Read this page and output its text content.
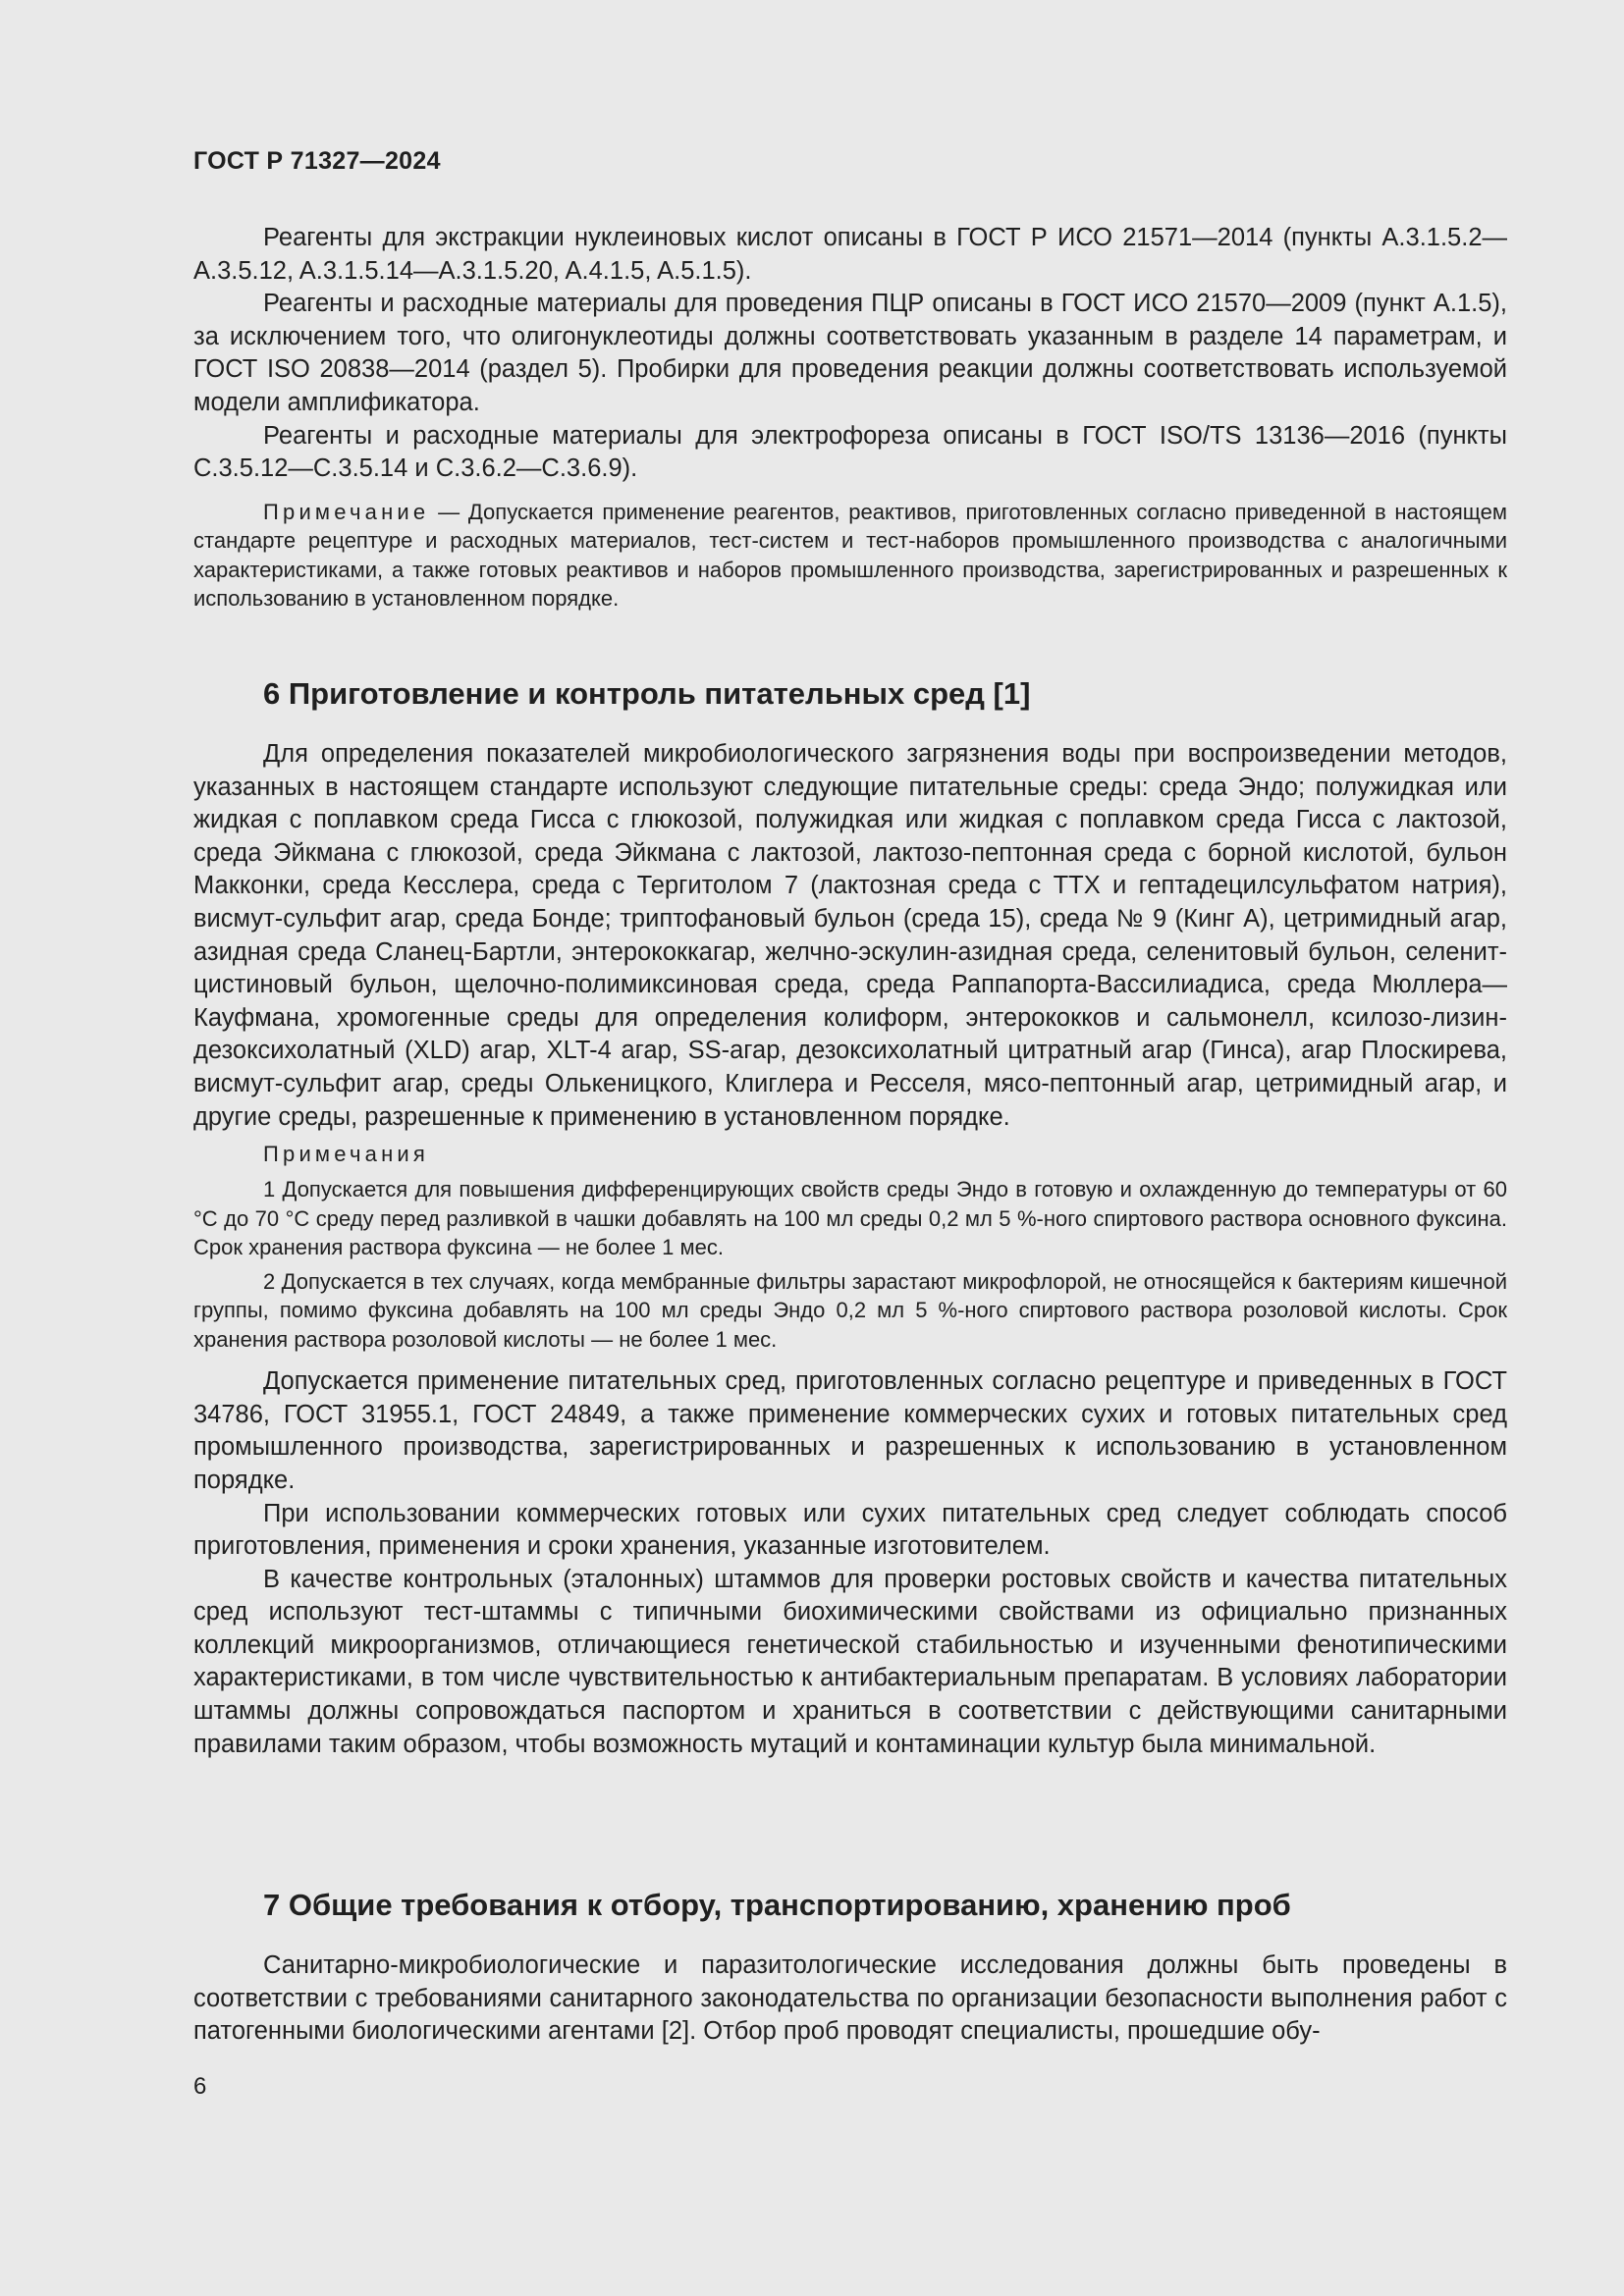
ГОСТ Р 71327—2024

Реагенты для экстракции нуклеиновых кислот описаны в ГОСТ Р ИСО 21571—2014 (пункты A.3.1.5.2—A.3.5.12, A.3.1.5.14—A.3.1.5.20, A.4.1.5, A.5.1.5).

Реагенты и расходные материалы для проведения ПЦР описаны в ГОСТ ИСО 21570—2009 (пункт А.1.5), за исключением того, что олигонуклеотиды должны соответствовать указанным в разделе 14 параметрам, и ГОСТ ISO 20838—2014 (раздел 5). Пробирки для проведения реакции должны соответствовать используемой модели амплификатора.

Реагенты и расходные материалы для электрофореза описаны в ГОСТ ISO/TS 13136—2016 (пункты C.3.5.12—C.3.5.14 и C.3.6.2—C.3.6.9).

Примечание — Допускается применение реагентов, реактивов, приготовленных согласно приведенной в настоящем стандарте рецептуре и расходных материалов, тест-систем и тест-наборов промышленного производства с аналогичными характеристиками, а также готовых реактивов и наборов промышленного производства, зарегистрированных и разрешенных к использованию в установленном порядке.

6 Приготовление и контроль питательных сред [1]

Для определения показателей микробиологического загрязнения воды при воспроизведении методов, указанных в настоящем стандарте используют следующие питательные среды: среда Эндо; полужидкая или жидкая с поплавком среда Гисса с глюкозой, полужидкая или жидкая с поплавком среда Гисса с лактозой, среда Эйкмана с глюкозой, среда Эйкмана с лактозой, лактозо-пептонная среда с борной кислотой, бульон Макконки, среда Кесслера, среда с Тергитолом 7 (лактозная среда с ТТХ и гептадецилсульфатом натрия), висмут-сульфит агар, среда Бонде; триптофановый бульон (среда 15), среда № 9 (Кинг А), цетримидный агар, азидная среда Сланец-Бартли, энтерококкагар, желчно-эскулин-азидная среда, селенитовый бульон, селенит-цистиновый бульон, щелочно-полимиксиновая среда, среда Раппапорта-Вассилиадиса, среда Мюллера—Кауфмана, хромогенные среды для определения колиформ, энтерококков и сальмонелл, ксилозо-лизин-дезоксихолатный (XLD) агар, XLT-4 агар, SS-агар, дезоксихолатный цитратный агар (Гинса), агар Плоскирева, висмут-сульфит агар, среды Олькеницкого, Клиглера и Ресселя, мясо-пептонный агар, цетримидный агар, и другие среды, разрешенные к применению в установленном порядке.

Примечания

1 Допускается для повышения дифференцирующих свойств среды Эндо в готовую и охлажденную до температуры от 60 °С до 70 °С среду перед разливкой в чашки добавлять на 100 мл среды 0,2 мл 5 %-ного спиртового раствора основного фуксина. Срок хранения раствора фуксина — не более 1 мес.

2 Допускается в тех случаях, когда мембранные фильтры зарастают микрофлорой, не относящейся к бактериям кишечной группы, помимо фуксина добавлять на 100 мл среды Эндо 0,2 мл 5 %-ного спиртового раствора розоловой кислоты. Срок хранения раствора розоловой кислоты — не более 1 мес.

Допускается применение питательных сред, приготовленных согласно рецептуре и приведенных в ГОСТ 34786, ГОСТ 31955.1, ГОСТ 24849, а также применение коммерческих сухих и готовых питательных сред промышленного производства, зарегистрированных и разрешенных к использованию в установленном порядке.

При использовании коммерческих готовых или сухих питательных сред следует соблюдать способ приготовления, применения и сроки хранения, указанные изготовителем.

В качестве контрольных (эталонных) штаммов для проверки ростовых свойств и качества питательных сред используют тест-штаммы с типичными биохимическими свойствами из официально признанных коллекций микроорганизмов, отличающиеся генетической стабильностью и изученными фенотипическими характеристиками, в том числе чувствительностью к антибактериальным препаратам. В условиях лаборатории штаммы должны сопровождаться паспортом и храниться в соответствии с действующими санитарными правилами таким образом, чтобы возможность мутаций и контаминации культур была минимальной.

7 Общие требования к отбору, транспортированию, хранению проб

Санитарно-микробиологические и паразитологические исследования должны быть проведены в соответствии с требованиями санитарного законодательства по организации безопасности выполнения работ с патогенными биологическими агентами [2]. Отбор проб проводят специалисты, прошедшие обу-

6
